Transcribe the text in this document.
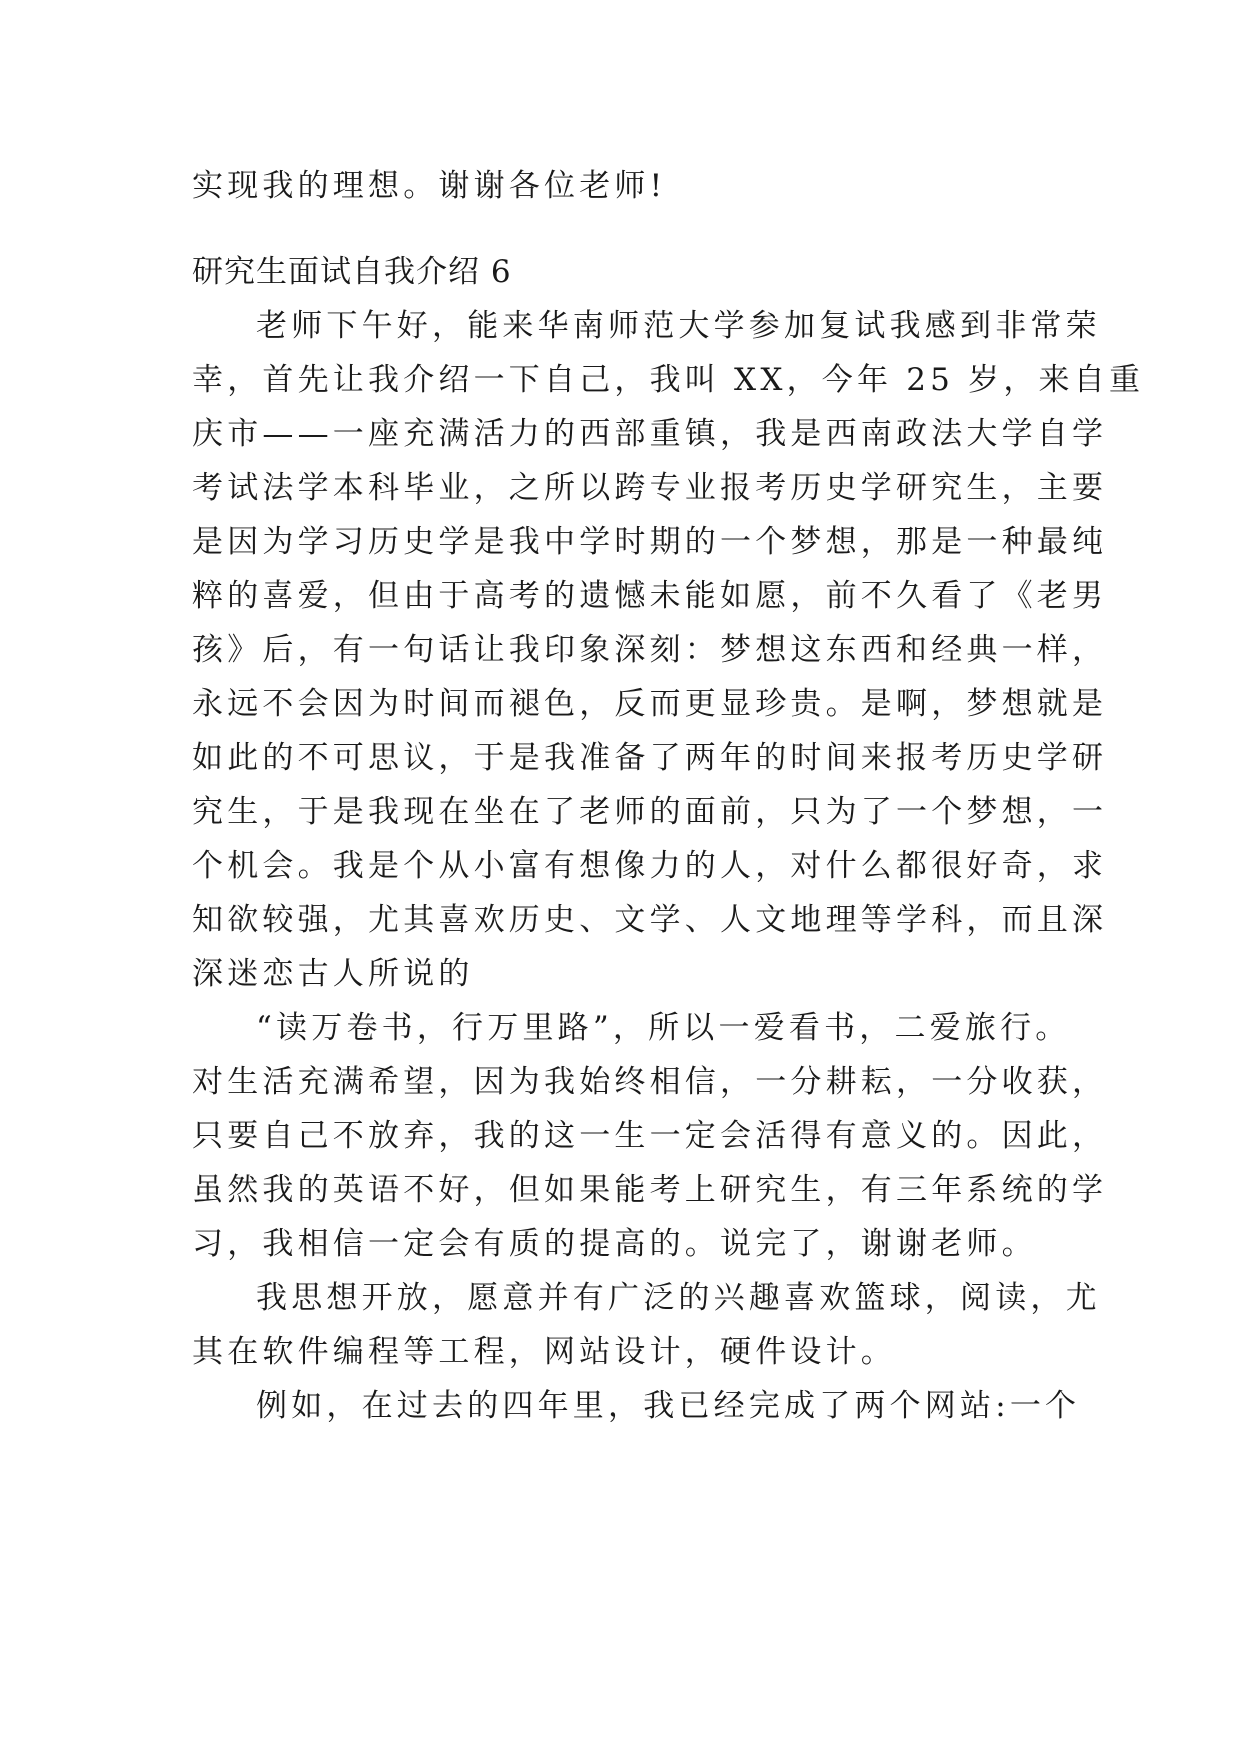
实现我的理想。谢谢各位老师!
研究生面试自我介绍 6
老师下午好，能来华南师范大学参加复试我感到非常荣
幸，首先让我介绍一下自己，我叫 XX，今年 25 岁，来自重
庆市——一座充满活力的西部重镇，我是西南政法大学自学
考试法学本科毕业，之所以跨专业报考历史学研究生，主要
是因为学习历史学是我中学时期的一个梦想，那是一种最纯
粹的喜爱，但由于高考的遗憾未能如愿，前不久看了《老男
孩》后，有一句话让我印象深刻：梦想这东西和经典一样，
永远不会因为时间而褪色，反而更显珍贵。是啊，梦想就是
如此的不可思议，于是我准备了两年的时间来报考历史学研
究生，于是我现在坐在了老师的面前，只为了一个梦想，一
个机会。我是个从小富有想像力的人，对什么都很好奇，求
知欲较强，尤其喜欢历史、文学、人文地理等学科，而且深
深迷恋古人所说的
“读万卷书，行万里路”，所以一爱看书，二爱旅行。
对生活充满希望，因为我始终相信，一分耕耘，一分收获，
只要自己不放弃，我的这一生一定会活得有意义的。因此，
虽然我的英语不好，但如果能考上研究生，有三年系统的学
习，我相信一定会有质的提高的。说完了，谢谢老师。
我思想开放，愿意并有广泛的兴趣喜欢篮球，阅读，尤
其在软件编程等工程，网站设计，硬件设计。
例如，在过去的四年里，我已经完成了两个网站:一个
